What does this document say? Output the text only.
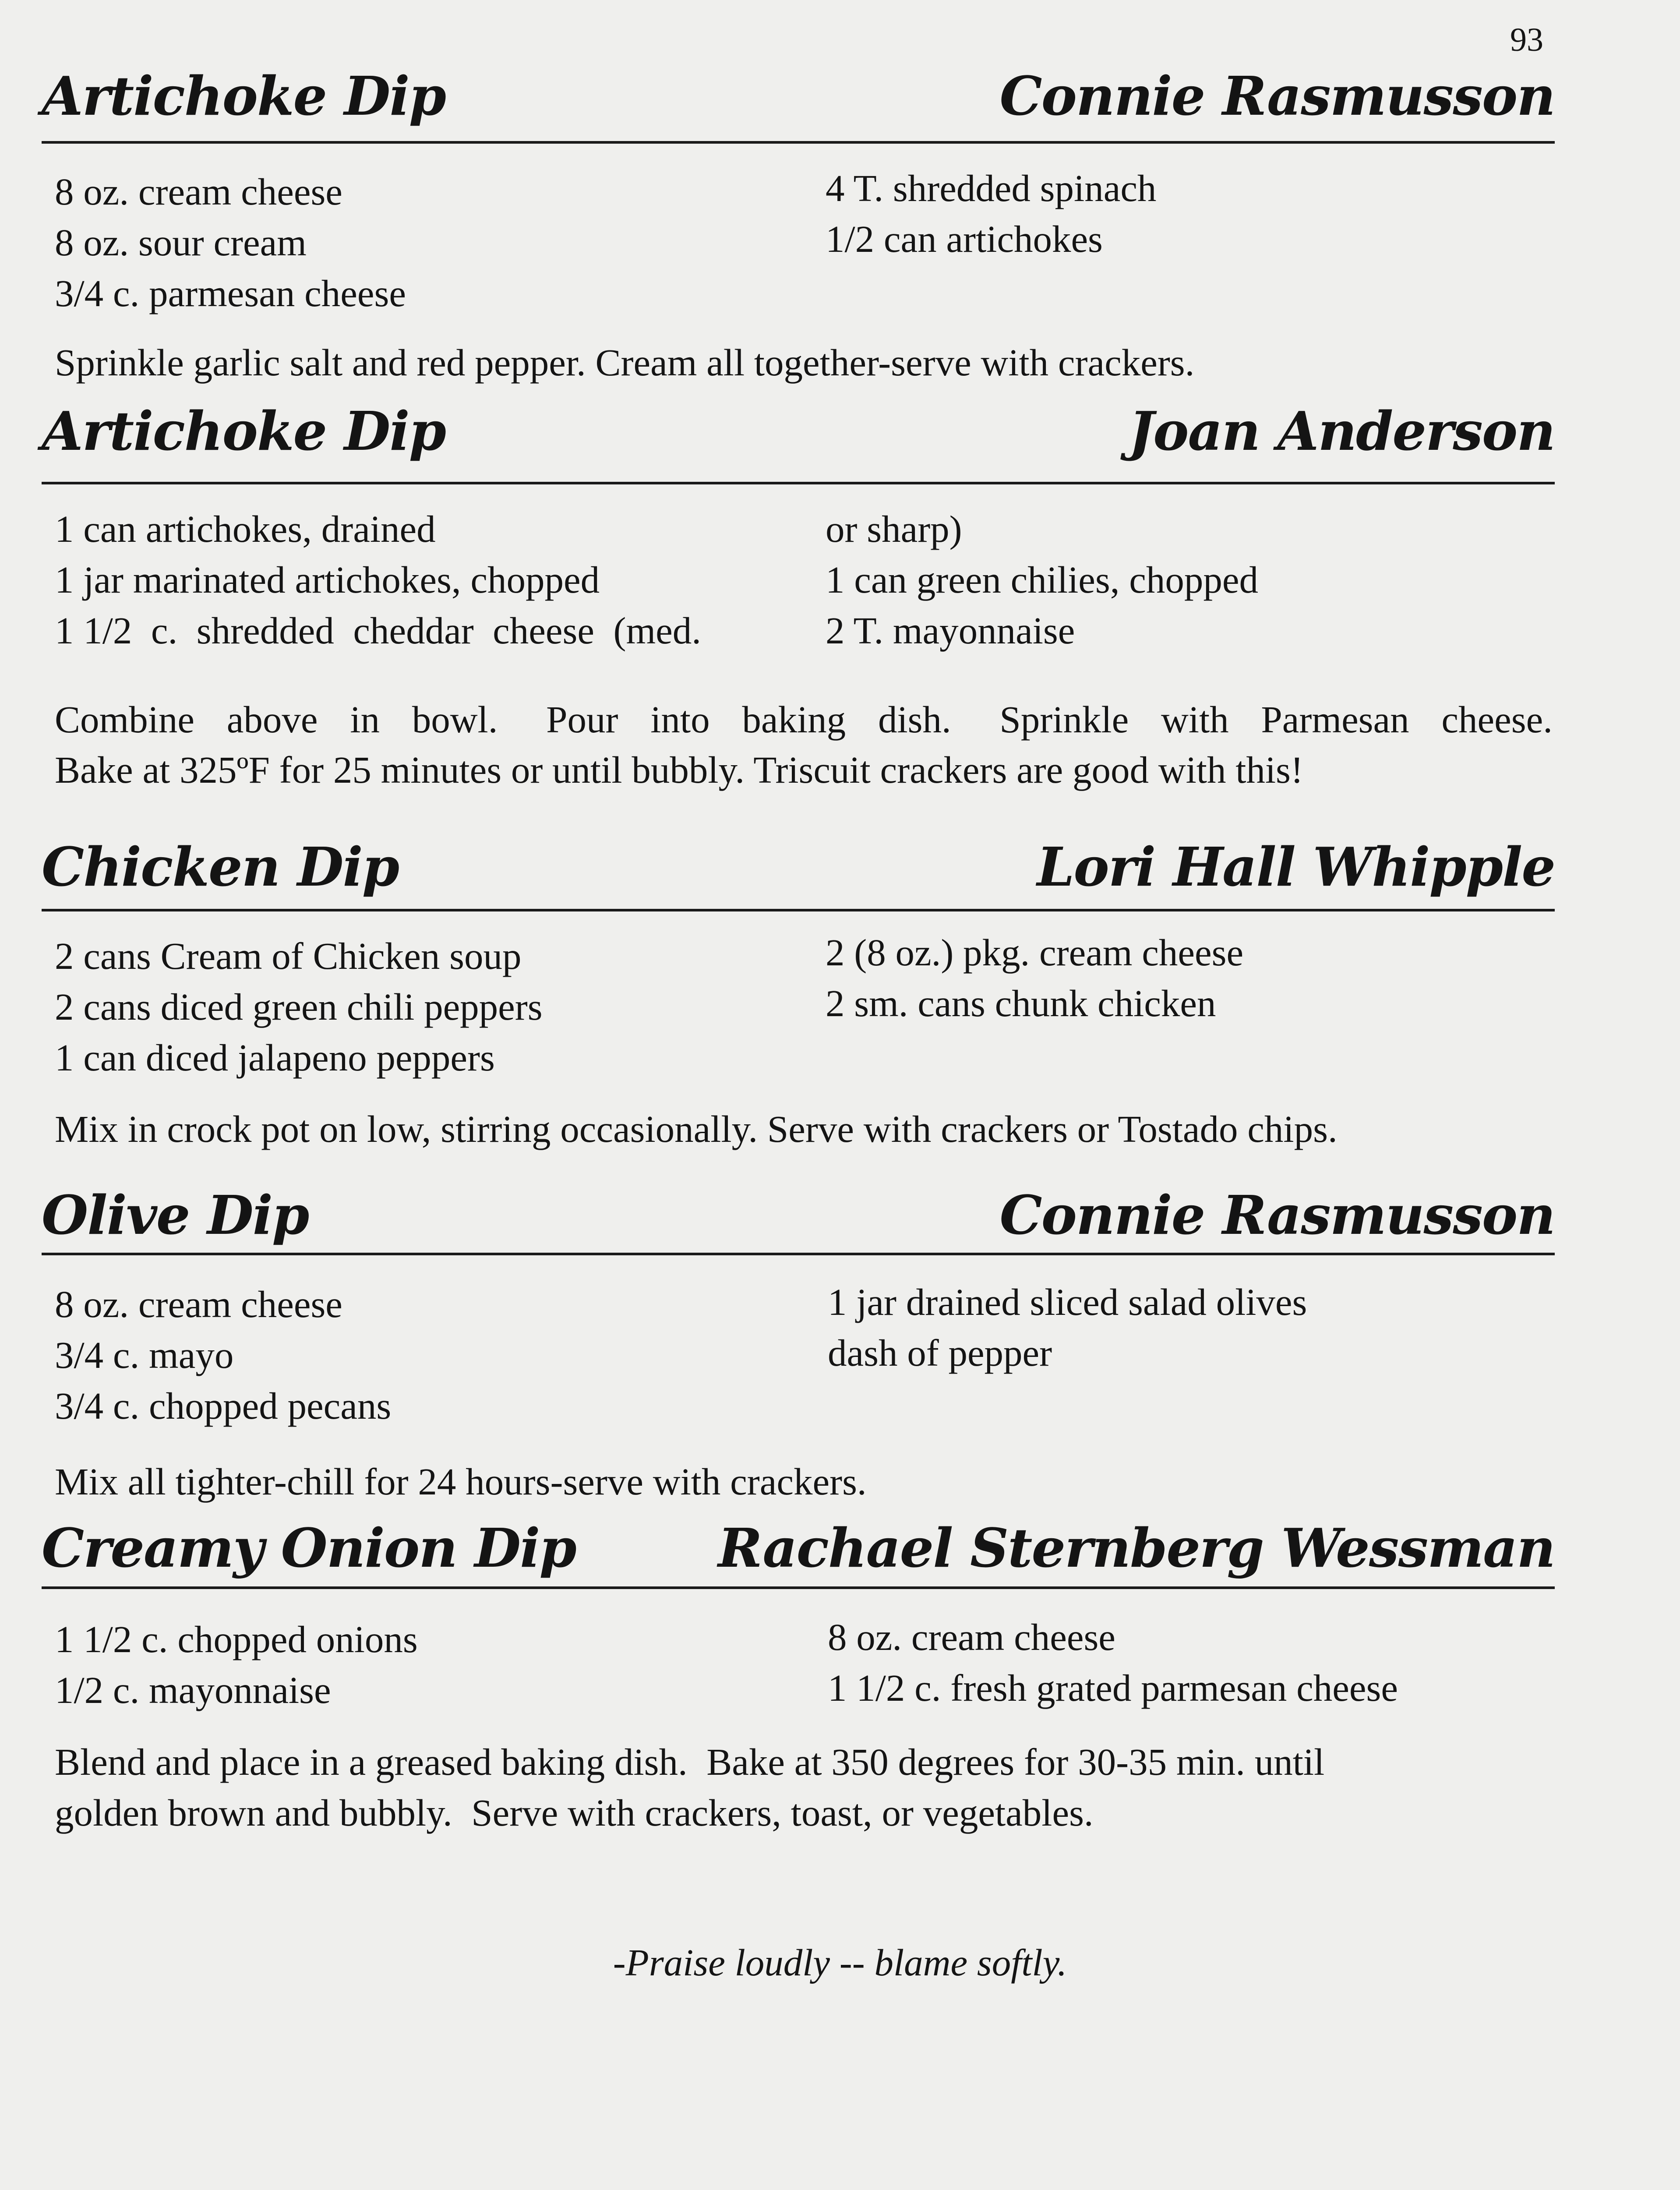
93
Artichoke Dip	Connie Rasmusson
8 oz. cream cheese
8 oz. sour cream
3/4 c. parmesan cheese
4 T. shredded spinach
1/2 can artichokes
Sprinkle garlic salt and red pepper. Cream all together-serve with crackers.
Artichoke Dip	Joan Anderson
1 can artichokes, drained
1 jar marinated artichokes, chopped
1 1/2  c.  shredded  cheddar  cheese  (med.
or sharp)
1 can green chilies, chopped
2 T. mayonnaise
Combine  above  in  bowl.   Pour  into  baking  dish.   Sprinkle  with  Parmesan  cheese.
Bake at 325ºF for 25 minutes or until bubbly. Triscuit crackers are good with this!
Chicken Dip	Lori Hall Whipple
2 cans Cream of Chicken soup
2 cans diced green chili peppers
1 can diced jalapeno peppers
2 (8 oz.) pkg. cream cheese
2 sm. cans chunk chicken
Mix in crock pot on low, stirring occasionally. Serve with crackers or Tostado chips.
Olive Dip	Connie Rasmusson
8 oz. cream cheese
3/4 c. mayo
3/4 c. chopped pecans
1 jar drained sliced salad olives
dash of pepper
Mix all tighter-chill for 24 hours-serve with crackers.
Creamy Onion Dip	Rachael Sternberg Wessman
1 1/2 c. chopped onions
1/2 c. mayonnaise
8 oz. cream cheese
1 1/2 c. fresh grated parmesan cheese
Blend and place in a greased baking dish.  Bake at 350 degrees for 30-35 min. until
golden brown and bubbly.  Serve with crackers, toast, or vegetables.
-Praise loudly -- blame softly.
